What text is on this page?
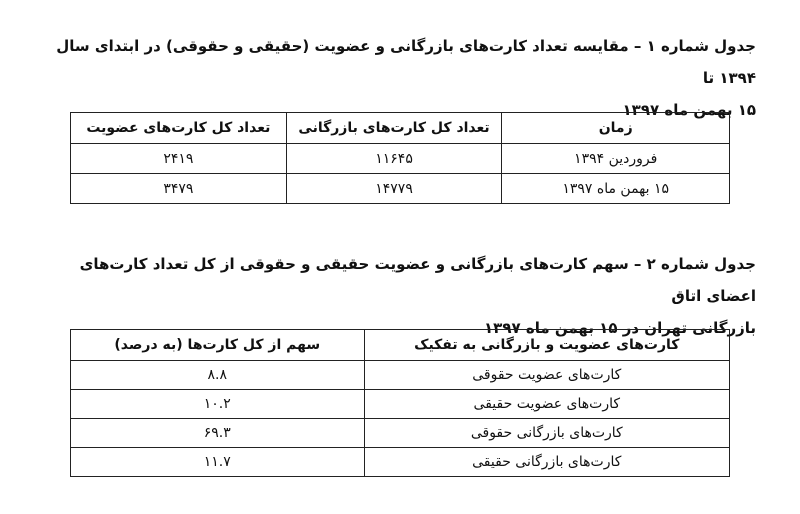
جدول شماره ۱ – مقایسه تعداد کارت‌های بازرگانی و عضویت (حقیقی و حقوقی) در ابتدای سال ۱۳۹۴ تا
۱۵ بهمن ماه ۱۳۹۷
زمان	تعداد کل کارت‌های بازرگانی	تعداد کل کارت‌های عضویت
فروردین ۱۳۹۴	۱۱۶۴۵	۲۴۱۹
۱۵ بهمن ماه ۱۳۹۷	۱۴۷۷۹	۳۴۷۹
جدول شماره ۲ – سهم کارت‌های بازرگانی و عضویت حقیقی و حقوقی از کل تعداد کارت‌های اعضای اتاق
بازرگانی تهران در ۱۵ بهمن ماه ۱۳۹۷
کارت‌های عضویت و بازرگانی به تفکیک	سهم از کل کارت‌ها (به درصد)
کارت‌های عضویت حقوقی	۸.۸
کارت‌های عضویت حقیقی	۱۰.۲
کارت‌های بازرگانی حقوقی	۶۹.۳
کارت‌های بازرگانی حقیقی	۱۱.۷
